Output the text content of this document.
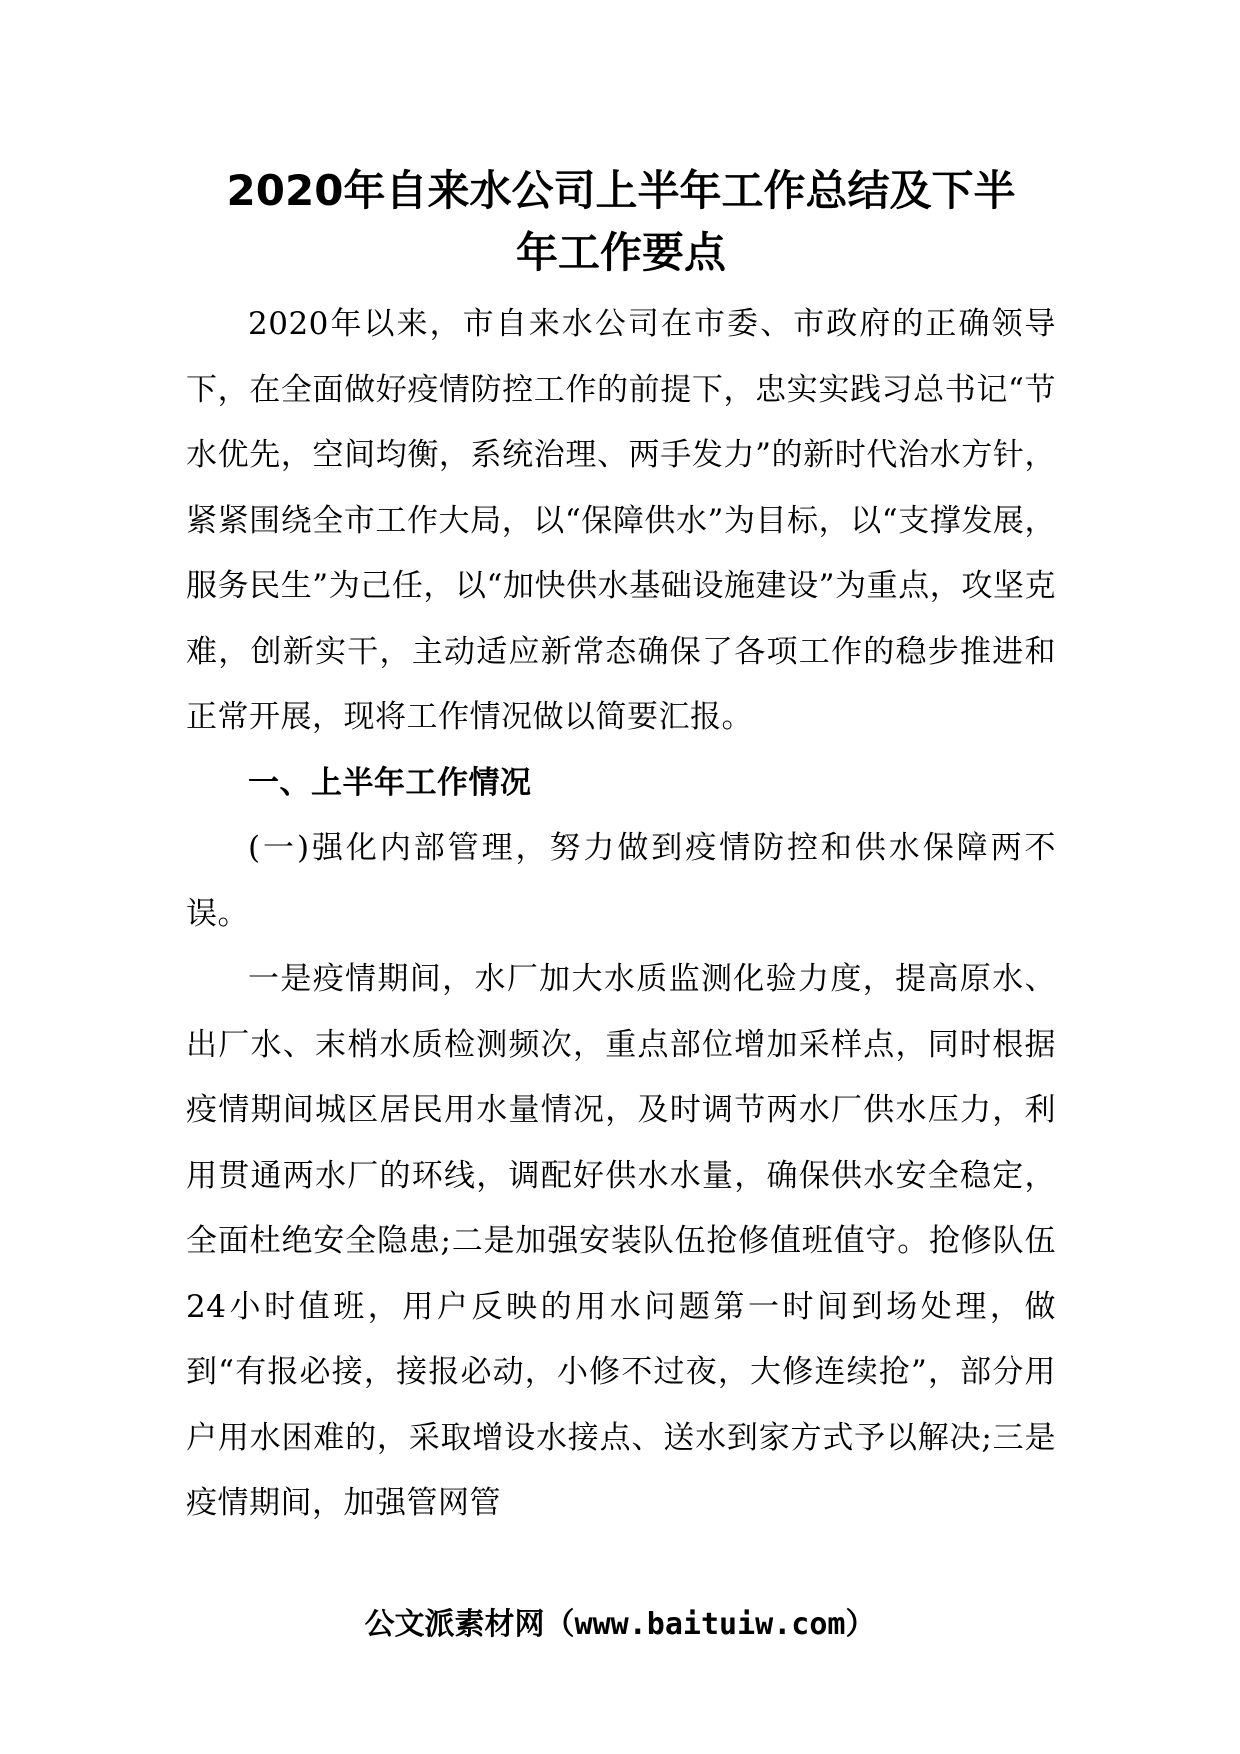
2020年自来水公司上半年工作总结及下半
年工作要点

2020年以来，市自来水公司在市委、市政府的正确领导下，在全面做好疫情防控工作的前提下，忠实实践习总书记“节水优先，空间均衡，系统治理、两手发力”的新时代治水方针，紧紧围绕全市工作大局，以“保障供水”为目标，以“支撑发展，服务民生”为己任，以“加快供水基础设施建设”为重点，攻坚克难，创新实干，主动适应新常态确保了各项工作的稳步推进和正常开展，现将工作情况做以简要汇报。

一、上半年工作情况

(一)强化内部管理，努力做到疫情防控和供水保障两不误。

一是疫情期间，水厂加大水质监测化验力度，提高原水、出厂水、末梢水质检测频次，重点部位增加采样点，同时根据疫情期间城区居民用水量情况，及时调节两水厂供水压力，利用贯通两水厂的环线，调配好供水水量，确保供水安全稳定，全面杜绝安全隐患;二是加强安装队伍抢修值班值守。抢修队伍24小时值班，用户反映的用水问题第一时间到场处理，做到“有报必接，接报必动，小修不过夜，大修连续抢”，部分用户用水困难的，采取增设水接点、送水到家方式予以解决;三是疫情期间，加强管网管

公文派素材网（www.baituiw.com）
